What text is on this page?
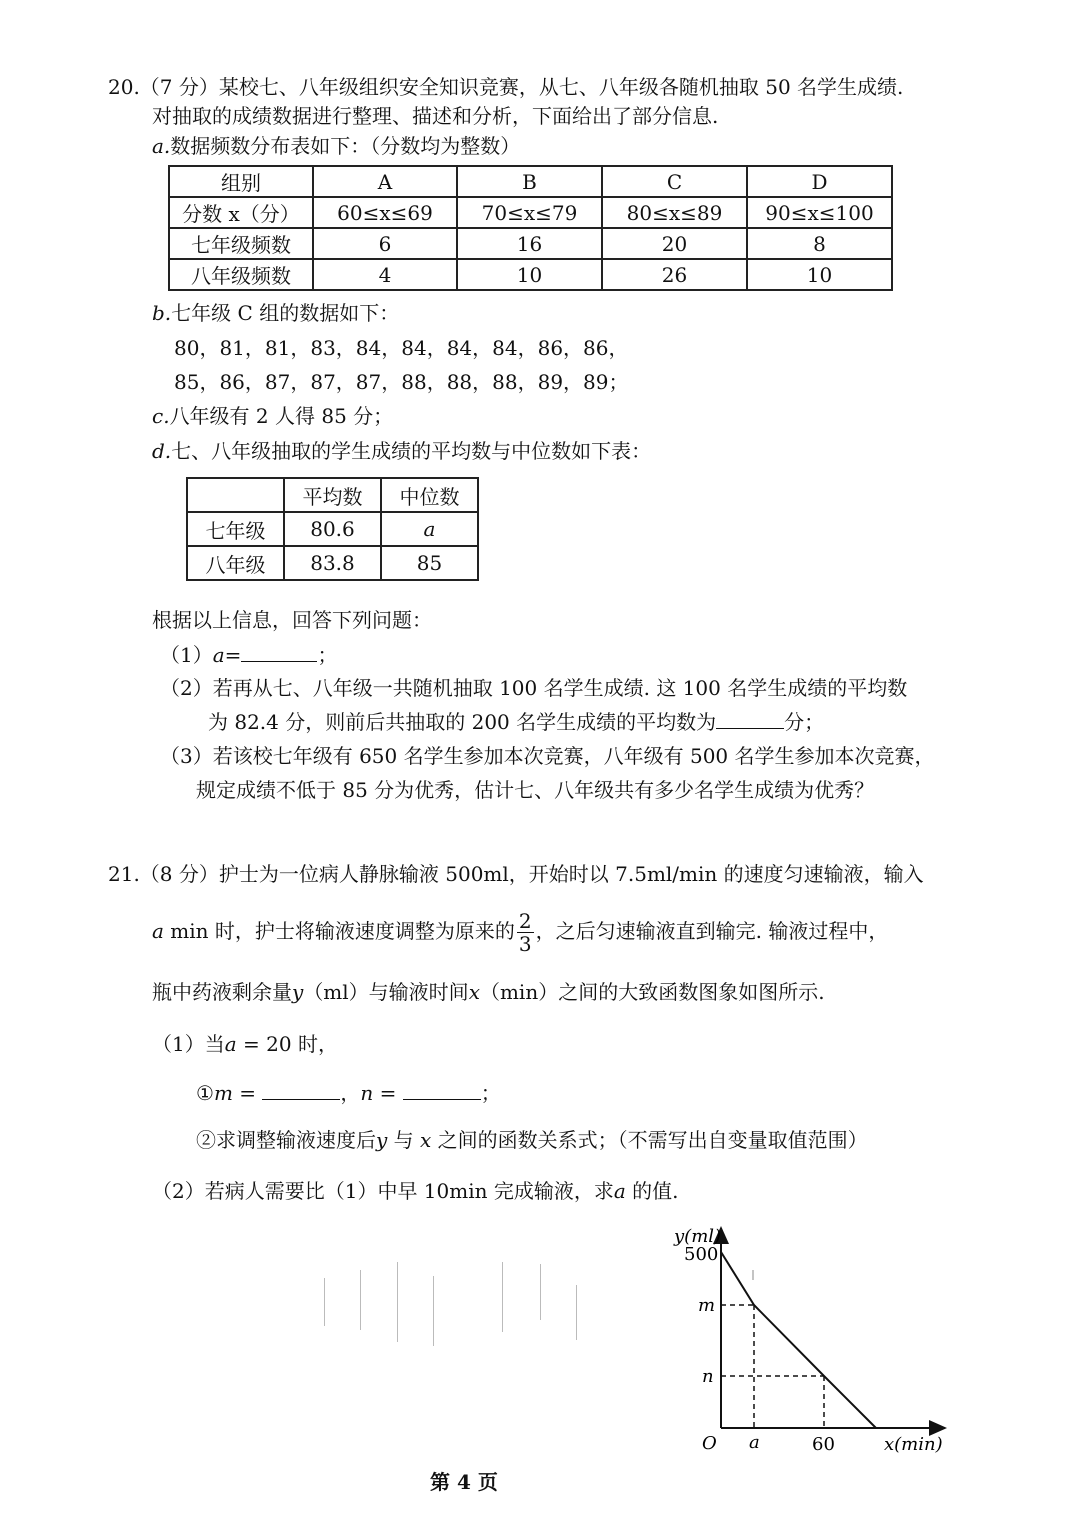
20.（7 分）某校七、八年级组织安全知识竞赛，从七、八年级各随机抽取 50 名学生成绩.
对抽取的成绩数据进行整理、描述和分析，下面给出了部分信息.
a.数据频数分布表如下：（分数均为整数）
组别	A	B	C	D
分数 x（分）	60≤x≤69	70≤x≤79	80≤x≤89	90≤x≤100
七年级频数	6	16	20	8
八年级频数	4	10	26	10
b.七年级 C 组的数据如下：
80，81，81，83，84，84，84，84，86，86，
85，86，87，87，87，88，88，88，89，89；
c.八年级有 2 人得 85 分；
d.七、八年级抽取的学生成绩的平均数与中位数如下表：
	平均数	中位数
七年级	80.6	a
八年级	83.8	85
根据以上信息，回答下列问题：
（1）a=	；
（2）若再从七、八年级一共随机抽取 100 名学生成绩. 这 100 名学生成绩的平均数
为 82.4 分，则前后共抽取的 200 名学生成绩的平均数为	分；
（3）若该校七年级有 650 名学生参加本次竞赛，八年级有 500 名学生参加本次竞赛，
规定成绩不低于 85 分为优秀，估计七、八年级共有多少名学生成绩为优秀？
21.（8 分）护士为一位病人静脉输液 500ml，开始时以 7.5ml/min 的速度匀速输液，输入
a min 时，护士将输液速度调整为原来的 $\frac{2}{3}$ ，之后匀速输液直到输完. 输液过程中，
瓶中药液剩余量y（ml）与输液时间x（min）之间的大致函数图象如图所示.
（1）当a = 20 时，
①m =	，n =	；
②求调整输液速度后y 与 x 之间的函数关系式；（不需写出自变量取值范围）
（2）若病人需要比（1）中早 10min 完成输液，求a 的值.
y(ml)
500
m
n
O a	60	x(min)
第 4 页
